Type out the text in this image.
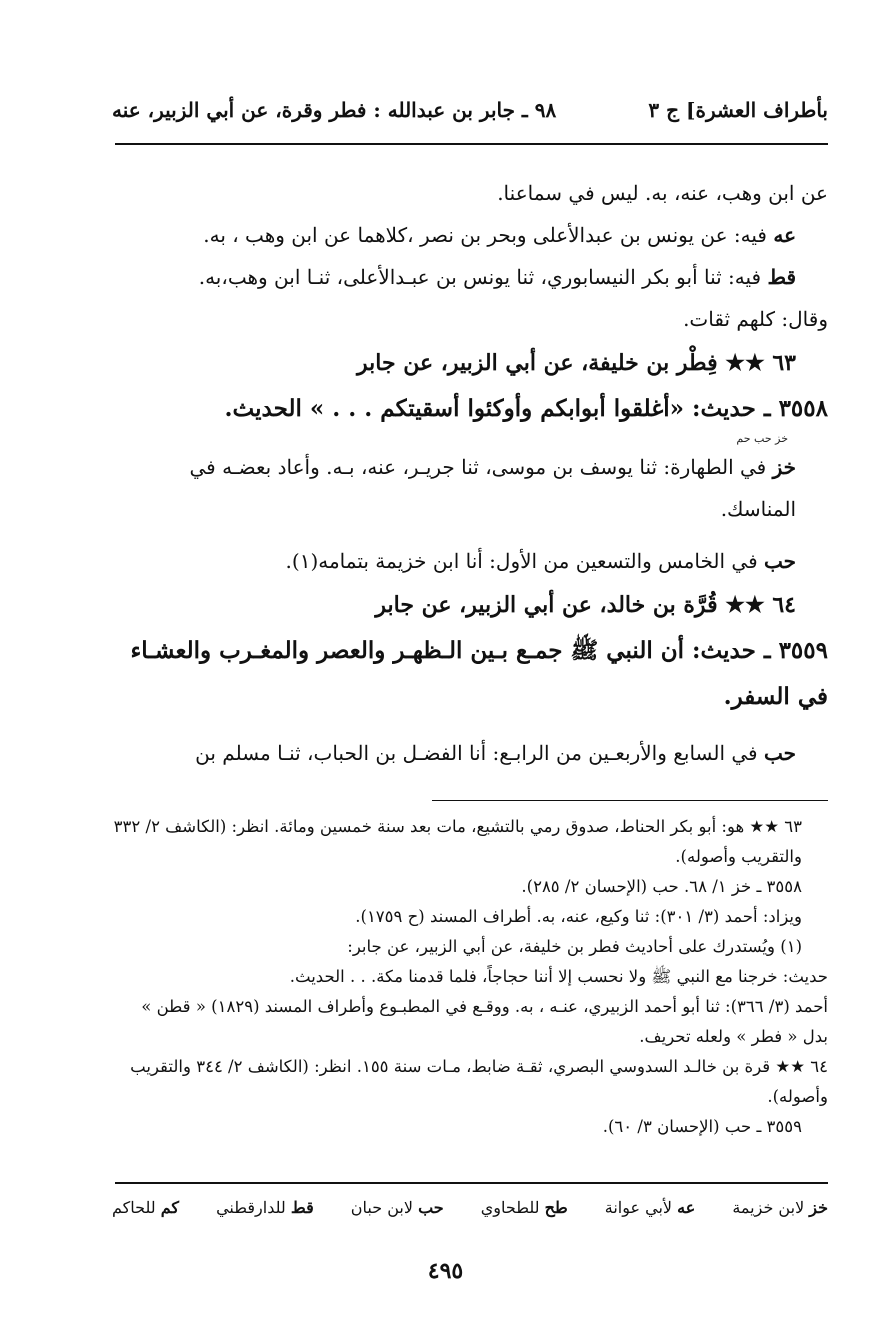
بأطراف العشرة] ج ٣
٩٨ ـ جابر بن عبدالله : فطر وقرة، عن أبي الزبير، عنه

عن ابن وهب، عنه، به. ليس في سماعنا.

عه فيه: عن يونس بن عبدالأعلى وبحر بن نصر ،كلاهما عن ابن وهب ، به.

قط فيه: ثنا أبو بكر النيسابوري، ثنا يونس بن عبـدالأعلى، ثنـا ابن وهب،به.

وقال: كلهم ثقات.

٦٣ ★★ فِطْر بن خليفة، عن أبي الزبير، عن جابر

٣٥٥٨ ـ حديث: «أغلقوا أبوابكم وأوكئوا أسقيتكم . . . » الحديث.

خز حب حم

خز في الطهارة: ثنا يوسف بن موسى، ثنا جريـر، عنه، بـه. وأعاد بعضـه في المناسك.

حب في الخامس والتسعين من الأول: أنا ابن خزيمة بتمامه(١).

٦٤ ★★ قُرَّة بن خالد، عن أبي الزبير، عن جابر

٣٥٥٩ ـ حديث: أن النبي ﷺ جمـع بـين الـظهـر والعصر والمغـرب والعشـاء في السفر.

حب في السابع والأربعـين من الرابـع: أنا الفضـل بن الحباب، ثنـا مسلم بن

٦٣ ★★ هو: أبو بكر الحناط، صدوق رمي بالتشيع، مات بعد سنة خمسين ومائة. انظر: (الكاشف ٢/ ٣٣٢ والتقريب وأصوله).

٣٥٥٨ ـ خز ١/ ٦٨. حب (الإحسان ٢/ ٢٨٥).

ويزاد: أحمد (٣/ ٣٠١): ثنا وكيع، عنه، به. أطراف المسند (ح ١٧٥٩).

(١) ويُستدرك على أحاديث فطر بن خليفة، عن أبي الزبير، عن جابر:

حديث: خرجنا مع النبي ﷺ ولا نحسب إلا أننا حجاجاً، فلما قدمنا مكة. . . الحديث.

أحمد (٣/ ٣٦٦): ثنا أبو أحمد الزبيري، عنـه ، به. ووقـع في المطبـوع وأطراف المسند (١٨٢٩) « قطن » بدل « فطر » ولعله تحريف.

٦٤ ★★ قرة بن خالـد السدوسي البصري، ثقـة ضابط، مـات سنة ١٥٥. انظر: (الكاشف ٢/ ٣٤٤ والتقريب وأصوله).

٣٥٥٩ ـ حب (الإحسان ٣/ ٦٠).

خز لابن خزيمة
عه لأبي عوانة
طح للطحاوي
حب لابن حبان
قط للدارقطني
كم للحاكم
٤٩٥
